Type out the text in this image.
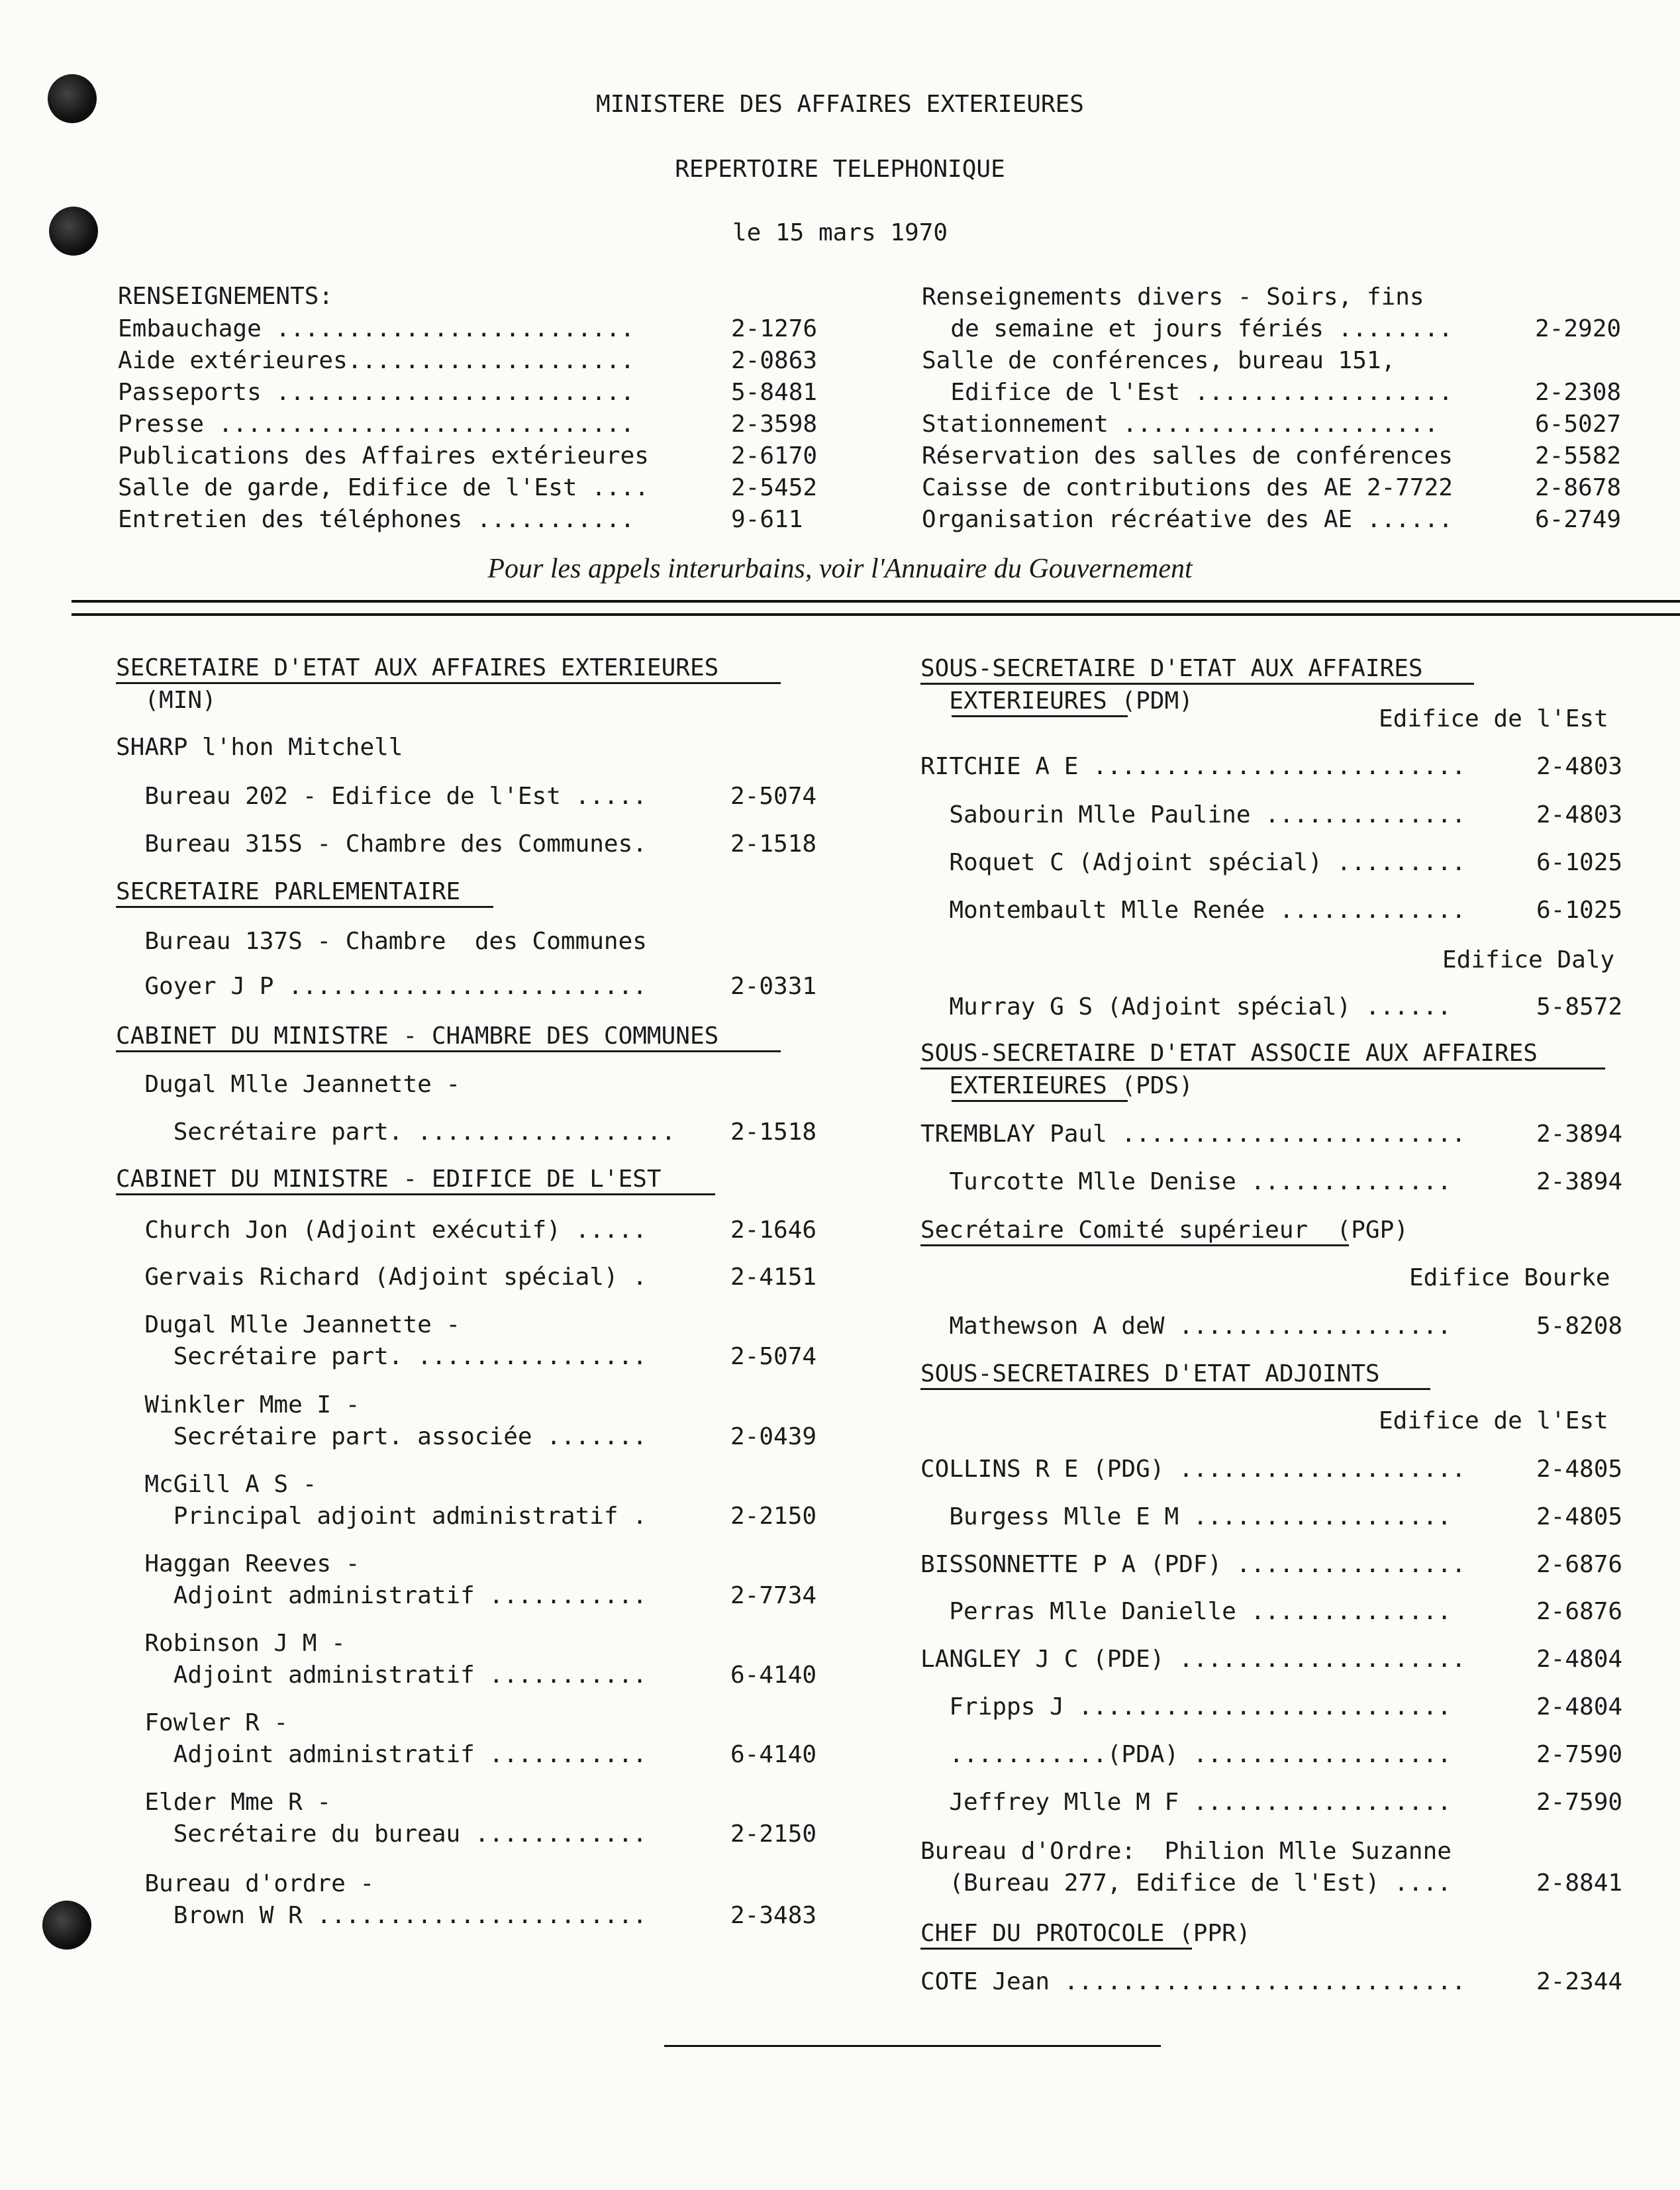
MINISTERE DES AFFAIRES EXTERIEURES
REPERTOIRE TELEPHONIQUE
le 15 mars 1970
RENSEIGNEMENTS:
Embauchage .........................	2-1276
Aide extérieures....................	2-0863
Passeports .........................	5-8481
Presse .............................	2-3598
Publications des Affaires extérieures	2-6170
Salle de garde, Edifice de l'Est ....	2-5452
Entretien des téléphones ...........	9-611
Renseignements divers - Soirs, fins
de semaine et jours fériés ........	2-2920
Salle de conférences, bureau 151,
Edifice de l'Est ..................	2-2308
Stationnement ......................	6-5027
Réservation des salles de conférences	2-5582
Caisse de contributions des AE 2-7722	2-8678
Organisation récréative des AE ......	6-2749
Pour les appels interurbains, voir l'Annuaire du Gouvernement
SECRETAIRE D'ETAT AUX AFFAIRES EXTERIEURES
(MIN)
SHARP l'hon Mitchell
Bureau 202 - Edifice de l'Est .....	2-5074
Bureau 315S - Chambre des Communes.	2-1518
SECRETAIRE PARLEMENTAIRE
Bureau 137S - Chambre  des Communes
Goyer J P .........................	2-0331
CABINET DU MINISTRE - CHAMBRE DES COMMUNES
Dugal Mlle Jeannette -
Secrétaire part. .................. 2-1518
CABINET DU MINISTRE - EDIFICE DE L'EST
Church Jon (Adjoint exécutif) .....	2-1646
Gervais Richard (Adjoint spécial) .	2-4151
Dugal Mlle Jeannette -
Secrétaire part. ................	2-5074
Winkler Mme I -
Secrétaire part. associée .......	2-0439
McGill A S -
Principal adjoint administratif .	2-2150
Haggan Reeves -
Adjoint administratif ...........	2-7734
Robinson J M -
Adjoint administratif ...........	6-4140
Fowler R -
Adjoint administratif ...........	6-4140
Elder Mme R -
Secrétaire du bureau ............	2-2150
Bureau d'ordre -
Brown W R .......................	2-3483
SOUS-SECRETAIRE D'ETAT AUX AFFAIRES
EXTERIEURES (PDM)
Edifice de l'Est
RITCHIE A E ..........................	2-4803
Sabourin Mlle Pauline ..............	2-4803
Roquet C (Adjoint spécial) .........	6-1025
Montembault Mlle Renée .............	6-1025
Edifice Daly
Murray G S (Adjoint spécial) ......	5-8572
SOUS-SECRETAIRE D'ETAT ASSOCIE AUX AFFAIRES
EXTERIEURES (PDS)
TREMBLAY Paul ........................	2-3894
Turcotte Mlle Denise ..............	2-3894
Secrétaire Comité supérieur  (PGP)
Edifice Bourke
Mathewson A deW ...................	5-8208
SOUS-SECRETAIRES D'ETAT ADJOINTS
Edifice de l'Est
COLLINS R E (PDG) ....................	2-4805
Burgess Mlle E M ..................	2-4805
BISSONNETTE P A (PDF) ................	2-6876
Perras Mlle Danielle ..............	2-6876
LANGLEY J C (PDE) ....................	2-4804
Fripps J ..........................	2-4804
...........(PDA) ..................	2-7590
Jeffrey Mlle M F ..................	2-7590
Bureau d'Ordre:  Philion Mlle Suzanne
(Bureau 277, Edifice de l'Est) ....	2-8841
CHEF DU PROTOCOLE (PPR)
COTE Jean ............................	2-2344
